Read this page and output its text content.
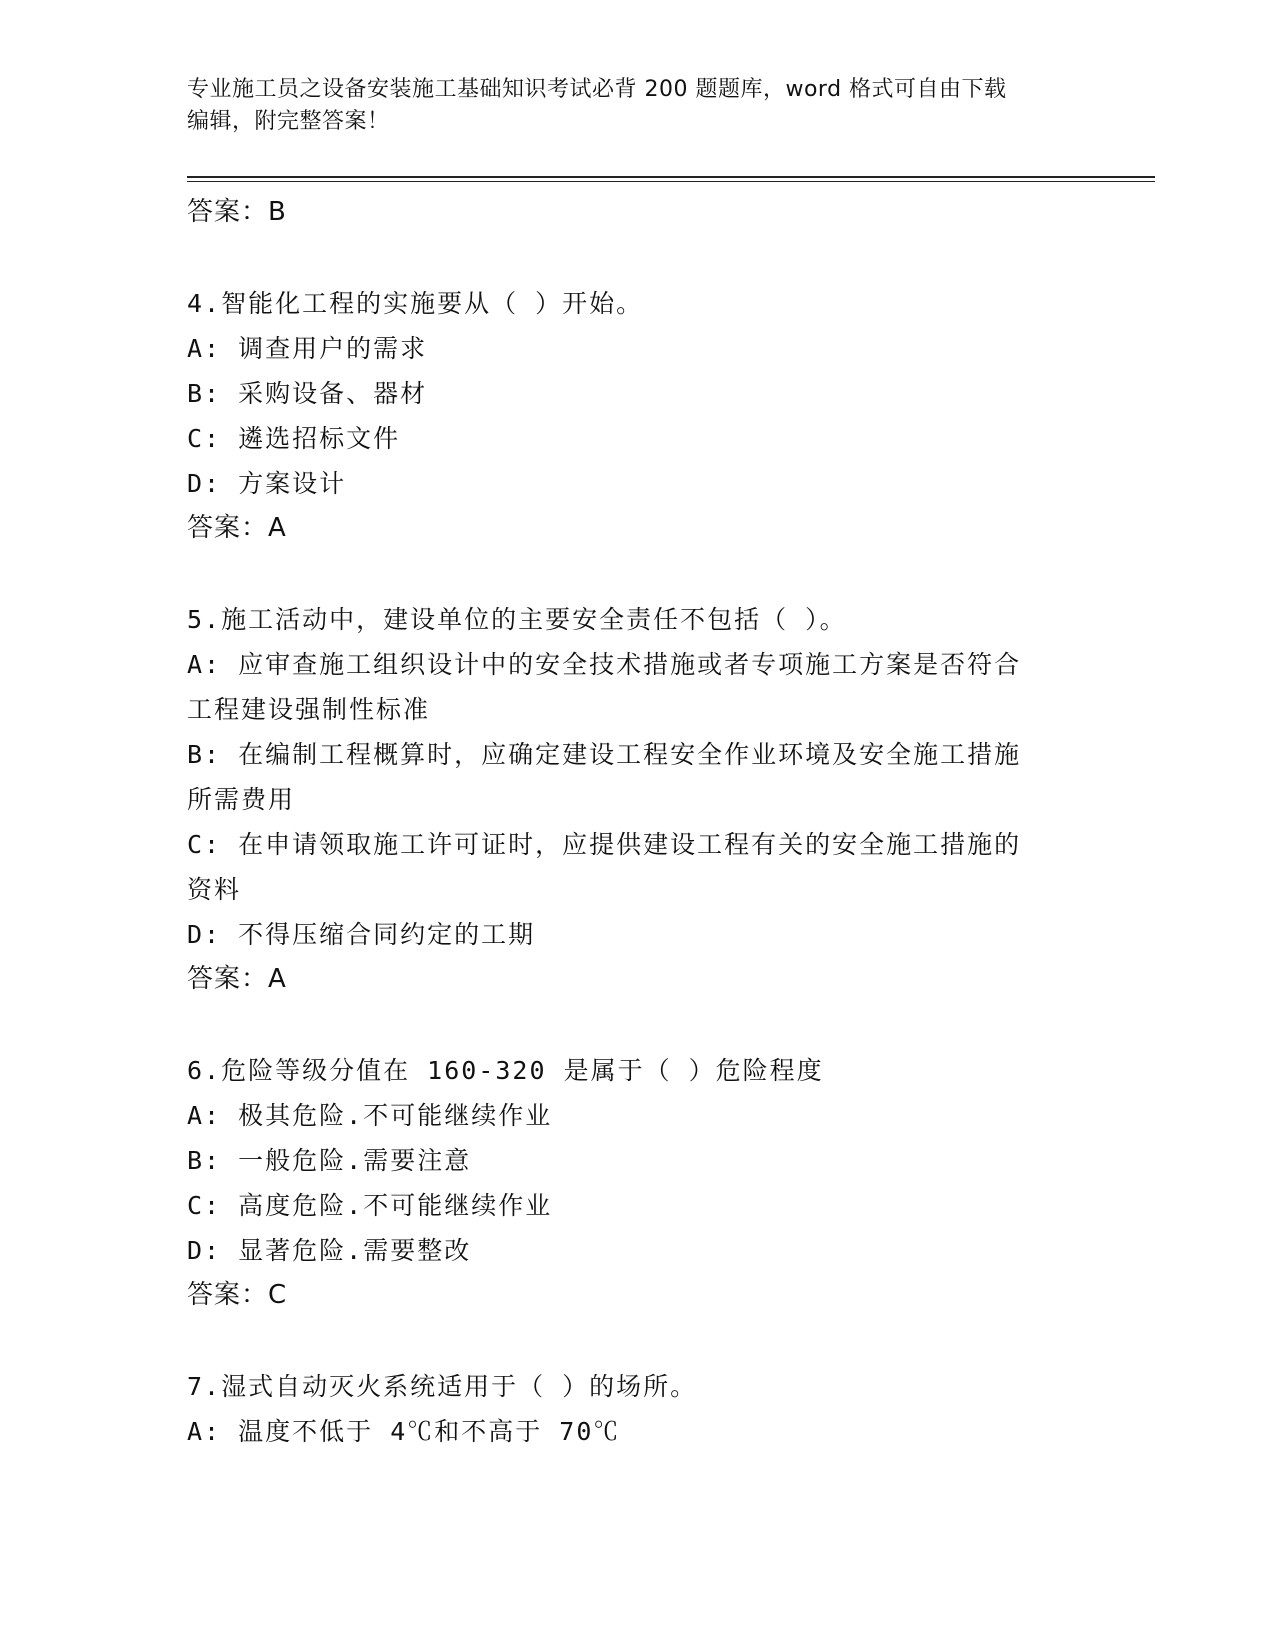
专业施工员之设备安装施工基础知识考试必背 200 题题库，word 格式可自由下载
编辑，附完整答案！
答案：B
4.智能化工程的实施要从（ ）开始。
A: 调查用户的需求
B: 采购设备、器材
C: 遴选招标文件
D: 方案设计
答案：A
5.施工活动中，建设单位的主要安全责任不包括（ ）。
A: 应审查施工组织设计中的安全技术措施或者专项施工方案是否符合
工程建设强制性标准
B: 在编制工程概算时，应确定建设工程安全作业环境及安全施工措施
所需费用
C: 在申请领取施工许可证时，应提供建设工程有关的安全施工措施的
资料
D: 不得压缩合同约定的工期
答案：A
6.危险等级分值在 160-320 是属于（ ）危险程度
A: 极其危险.不可能继续作业
B: 一般危险.需要注意
C: 高度危险.不可能继续作业
D: 显著危险.需要整改
答案：C
7.湿式自动灭火系统适用于（ ）的场所。
A: 温度不低于 4℃和不高于 70℃
